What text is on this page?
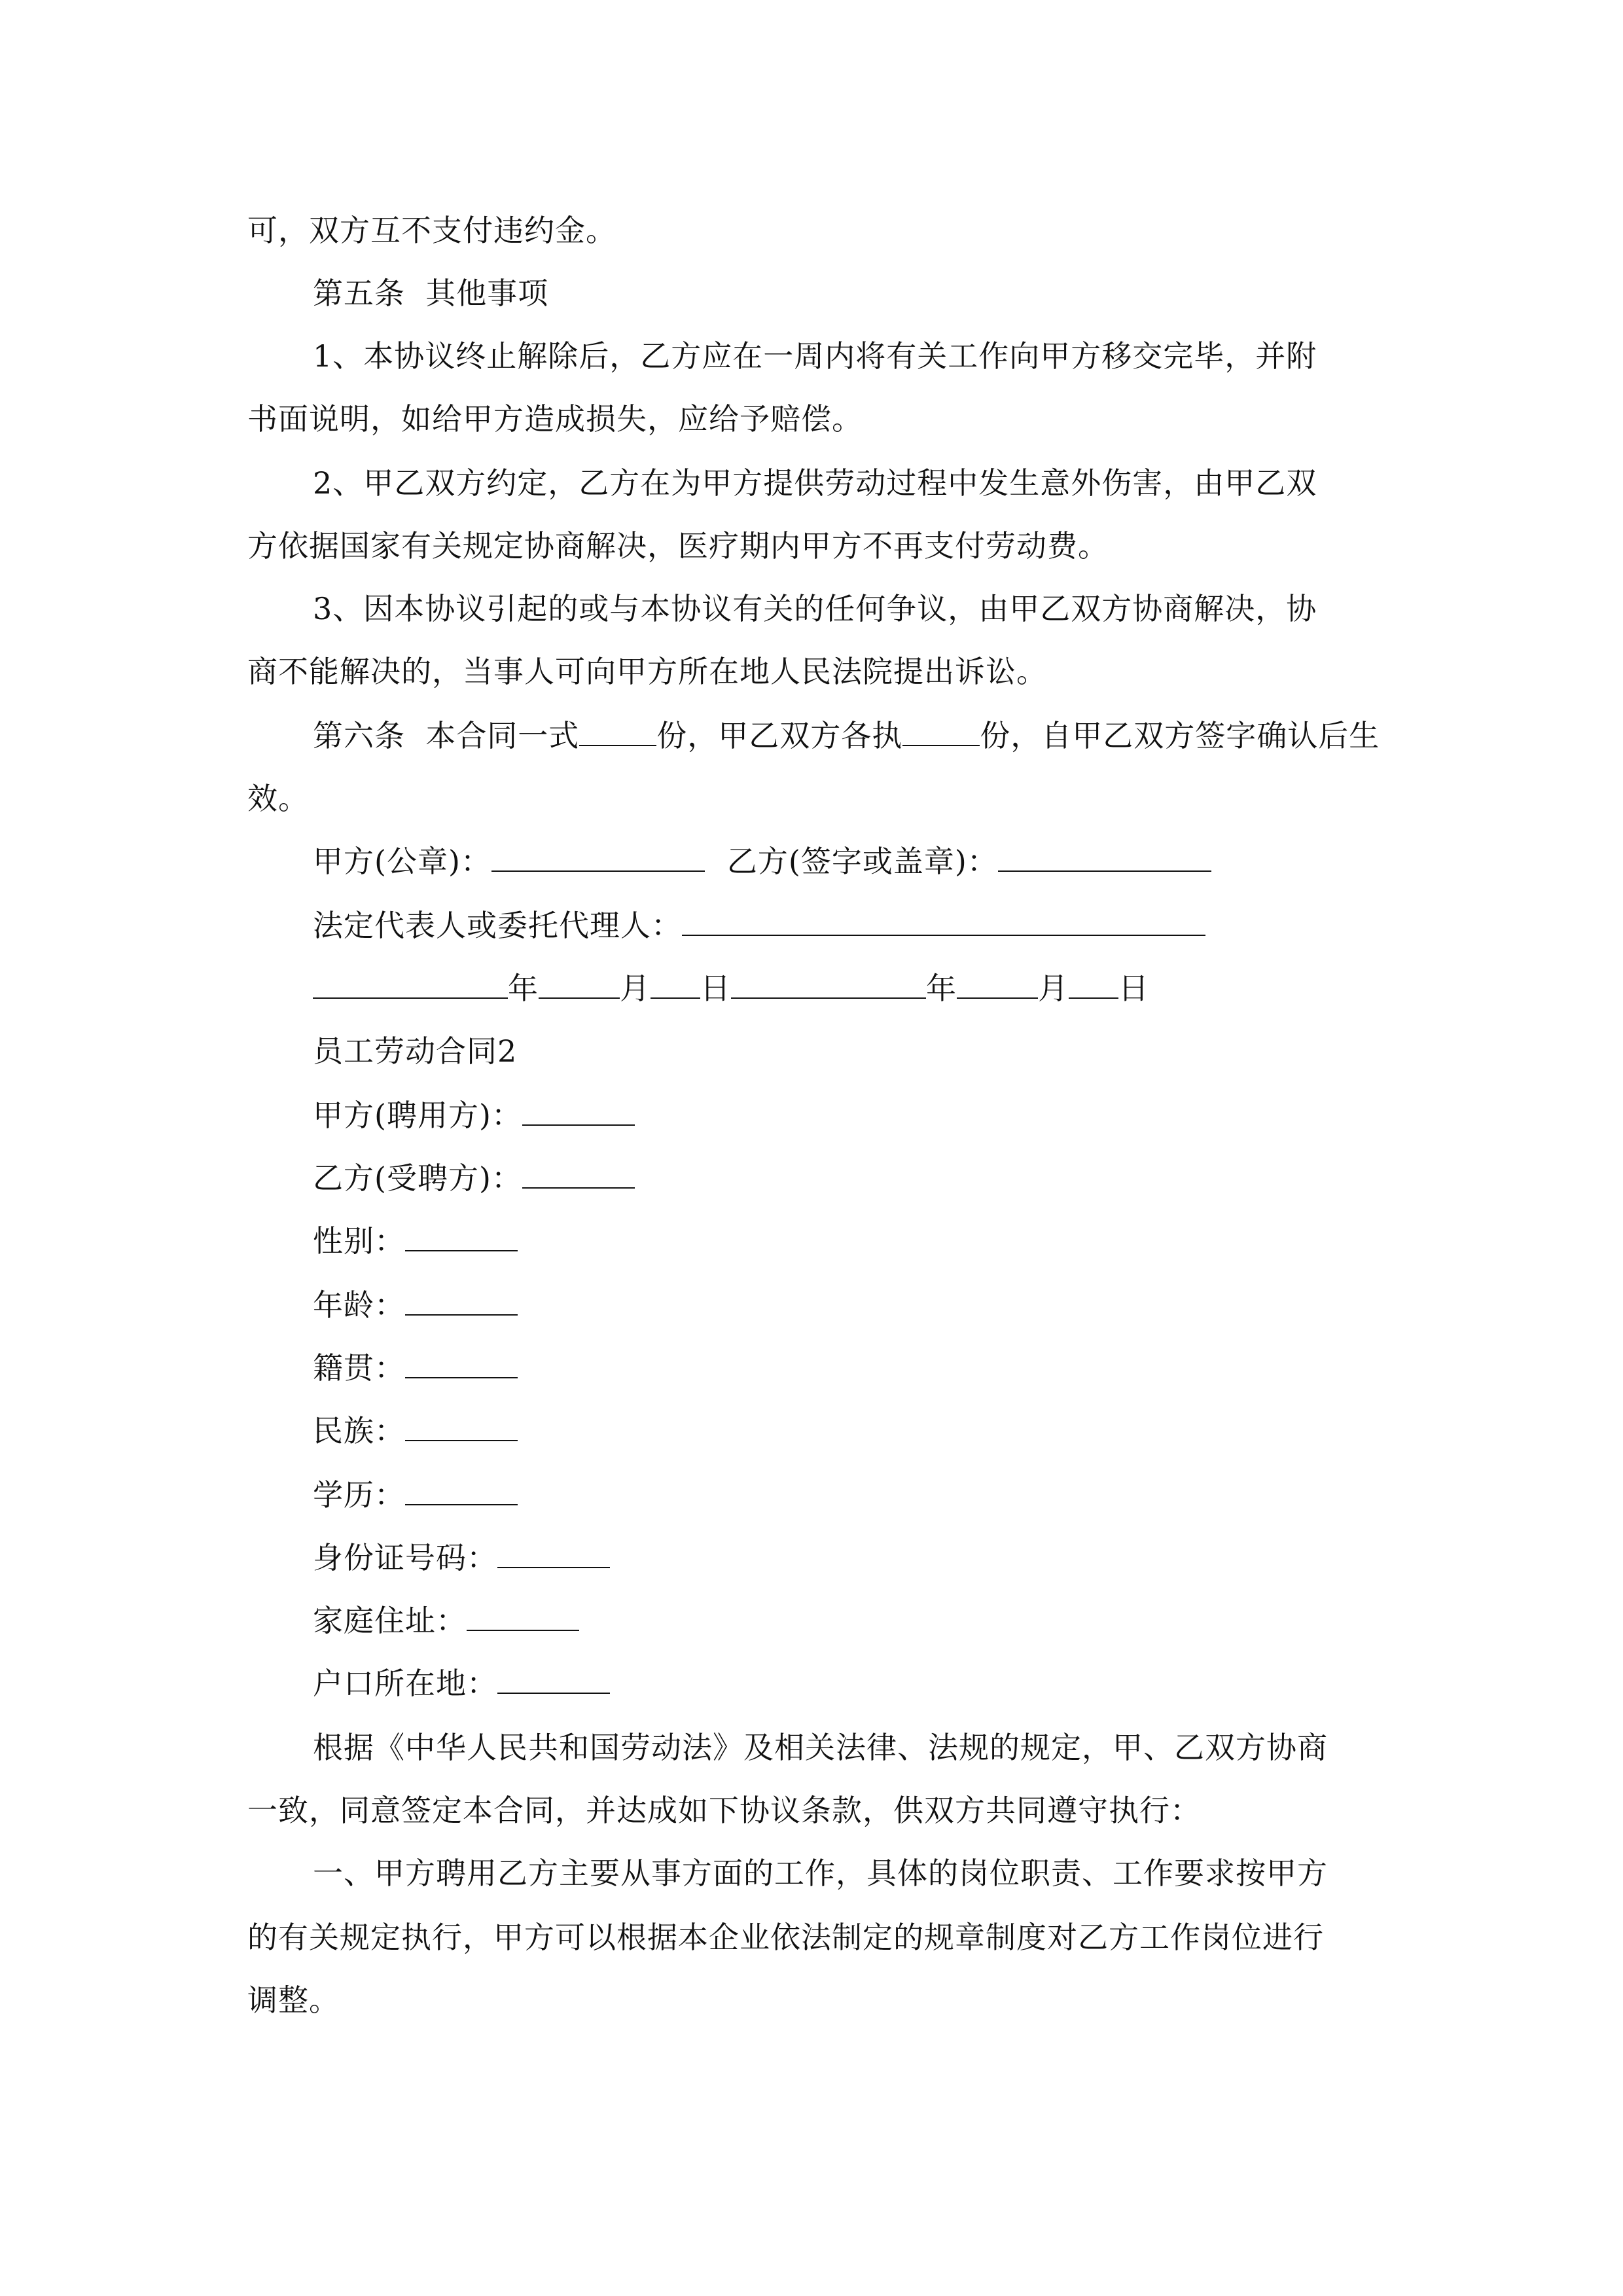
可，双方互不支付违约金。
第五条  其他事项
1、本协议终止解除后，乙方应在一周内将有关工作向甲方移交完毕，并附
书面说明，如给甲方造成损失，应给予赔偿。
2、甲乙双方约定，乙方在为甲方提供劳动过程中发生意外伤害，由甲乙双
方依据国家有关规定协商解决，医疗期内甲方不再支付劳动费。
3、因本协议引起的或与本协议有关的任何争议，由甲乙双方协商解决，协
商不能解决的，当事人可向甲方所在地人民法院提出诉讼。
第六条  本合同一式	份，甲乙双方各执	份，自甲乙双方签字确认后生
效。
甲方(公章)：	乙方(签字或盖章)：
法定代表人或委托代理人：
年	月 日	年	月 日
员工劳动合同2
甲方(聘用方)：
乙方(受聘方)：
性别：
年龄：
籍贯：
民族：
学历：
身份证号码：
家庭住址：
户口所在地：
根据《中华人民共和国劳动法》及相关法律、法规的规定，甲、乙双方协商
一致，同意签定本合同，并达成如下协议条款，供双方共同遵守执行：
一、甲方聘用乙方主要从事方面的工作，具体的岗位职责、工作要求按甲方
的有关规定执行，甲方可以根据本企业依法制定的规章制度对乙方工作岗位进行
调整。
